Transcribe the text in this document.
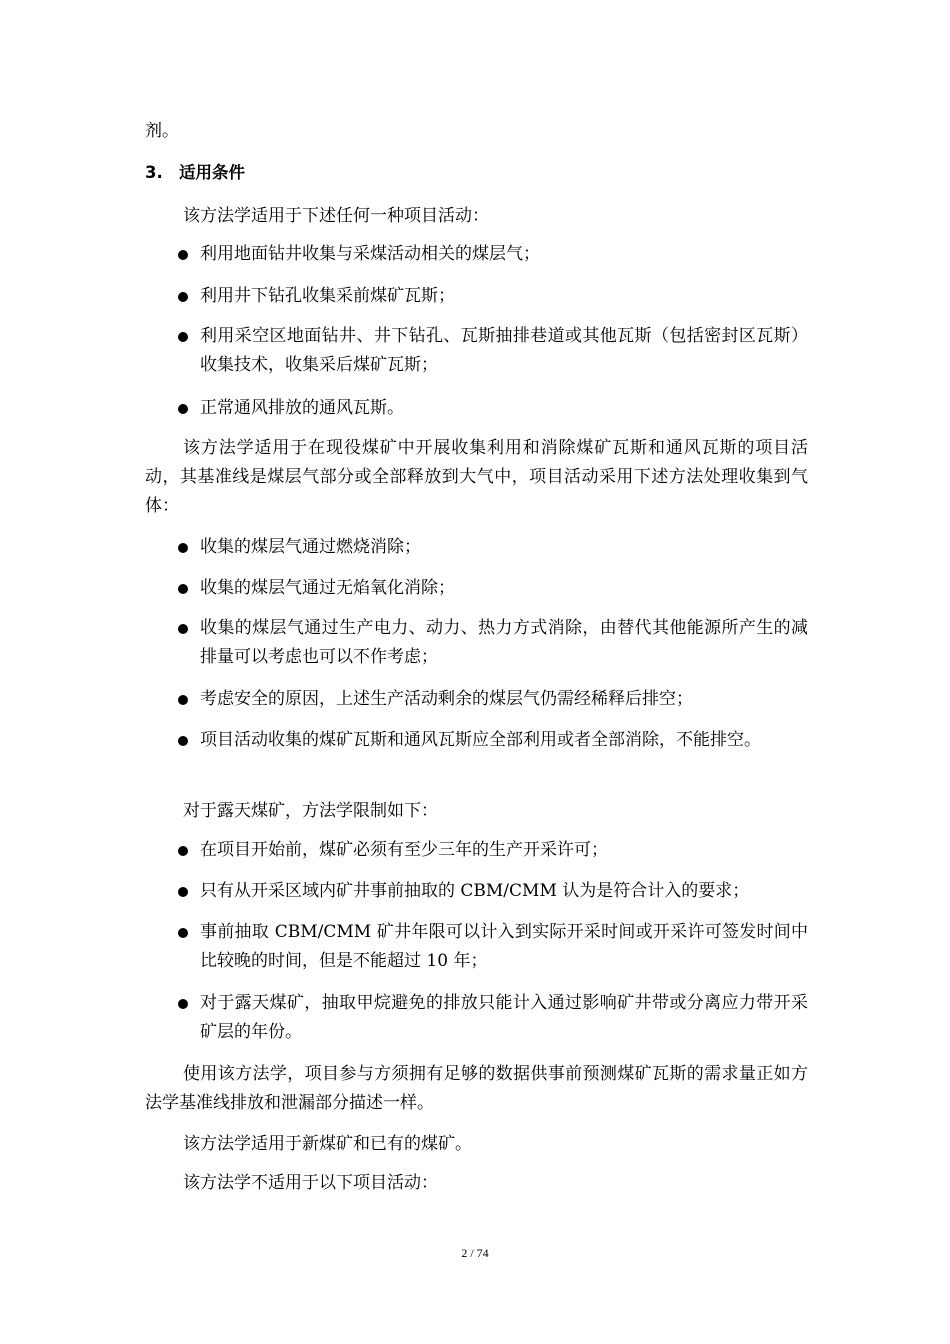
剂。
3. 适用条件
该方法学适用于下述任何一种项目活动：
利用地面钻井收集与采煤活动相关的煤层气；
利用井下钻孔收集采前煤矿瓦斯；
利用采空区地面钻井、井下钻孔、瓦斯抽排巷道或其他瓦斯（包括密封区瓦斯）收集技术，收集采后煤矿瓦斯；
正常通风排放的通风瓦斯。
该方法学适用于在现役煤矿中开展收集利用和消除煤矿瓦斯和通风瓦斯的项目活动，其基准线是煤层气部分或全部释放到大气中，项目活动采用下述方法处理收集到气体：
收集的煤层气通过燃烧消除；
收集的煤层气通过无焰氧化消除；
收集的煤层气通过生产电力、动力、热力方式消除，由替代其他能源所产生的减排量可以考虑也可以不作考虑；
考虑安全的原因，上述生产活动剩余的煤层气仍需经稀释后排空；
项目活动收集的煤矿瓦斯和通风瓦斯应全部利用或者全部消除，不能排空。
对于露天煤矿，方法学限制如下：
在项目开始前，煤矿必须有至少三年的生产开采许可；
只有从开采区域内矿井事前抽取的 CBM/CMM 认为是符合计入的要求；
事前抽取 CBM/CMM 矿井年限可以计入到实际开采时间或开采许可签发时间中比较晚的时间，但是不能超过 10 年；
对于露天煤矿，抽取甲烷避免的排放只能计入通过影响矿井带或分离应力带开采矿层的年份。
使用该方法学，项目参与方须拥有足够的数据供事前预测煤矿瓦斯的需求量正如方法学基准线排放和泄漏部分描述一样。
该方法学适用于新煤矿和已有的煤矿。
该方法学不适用于以下项目活动：
2 / 74
